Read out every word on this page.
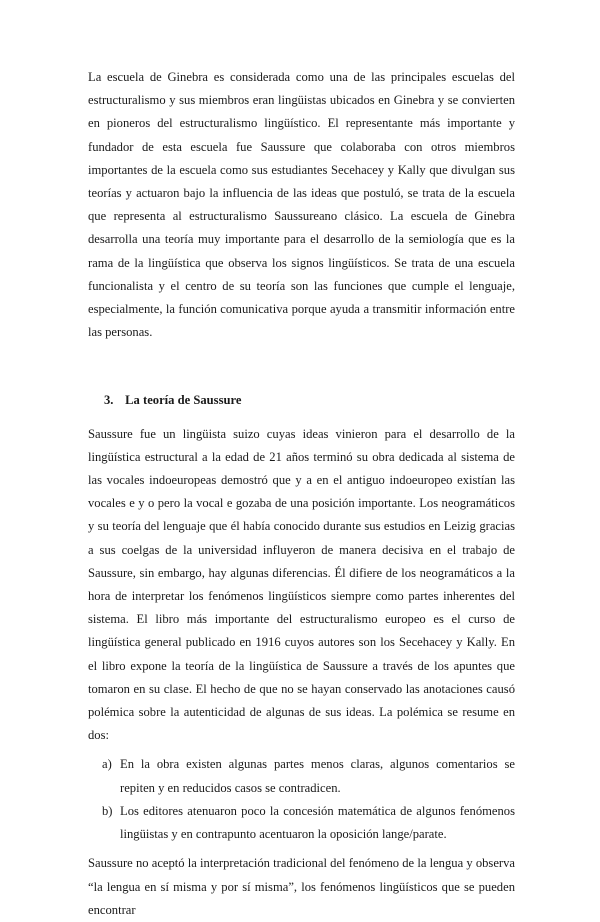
La escuela de Ginebra es considerada como una de las principales escuelas del estructuralismo y sus miembros eran lingüistas ubicados en Ginebra y se convierten en pioneros del estructuralismo lingüístico. El representante más importante y fundador de esta escuela fue Saussure que colaboraba con otros miembros importantes de la escuela como sus estudiantes Secehacey y Kally que divulgan sus teorías y actuaron bajo la influencia de las ideas que postuló, se trata de la escuela que representa al estructuralismo Saussureano clásico. La escuela de Ginebra desarrolla una teoría muy importante para el desarrollo de la semiología que es la rama de la lingüística que observa los signos lingüísticos. Se trata de una escuela funcionalista y el centro de su teoría son las funciones que cumple el lenguaje, especialmente, la función comunicativa porque ayuda a transmitir información entre las personas.

3. La teoría de Saussure

Saussure fue un lingüista suizo cuyas ideas vinieron para el desarrollo de la lingüística estructural a la edad de 21 años terminó su obra dedicada al sistema de las vocales indoeuropeas demostró que y a en el antiguo indoeuropeo existían las vocales e y o pero la vocal e gozaba de una posición importante. Los neogramáticos y su teoría del lenguaje que él había conocido durante sus estudios en Leizig gracias a sus coelgas de la universidad influyeron de manera decisiva en el trabajo de Saussure, sin embargo, hay algunas diferencias. Él difiere de los neogramáticos a la hora de interpretar los fenómenos lingüísticos siempre como partes inherentes del sistema. El libro más importante del estructuralismo europeo es el curso de lingüística general publicado en 1916 cuyos autores son los Secehacey y Kally. En el libro expone la teoría de la lingüística de Saussure a través de los apuntes que tomaron en su clase. El hecho de que no se hayan conservado las anotaciones causó polémica sobre la autenticidad de algunas de sus ideas. La polémica se resume en dos:

a) En la obra existen algunas partes menos claras, algunos comentarios se repiten y en reducidos casos se contradicen.
b) Los editores atenuaron poco la concesión matemática de algunos fenómenos lingüistas y en contrapunto acentuaron la oposición lange/parate.

Saussure no aceptó la interpretación tradicional del fenómeno de la lengua y observa “la lengua en sí misma y por sí misma”, los fenómenos lingüísticos que se pueden encontrar
